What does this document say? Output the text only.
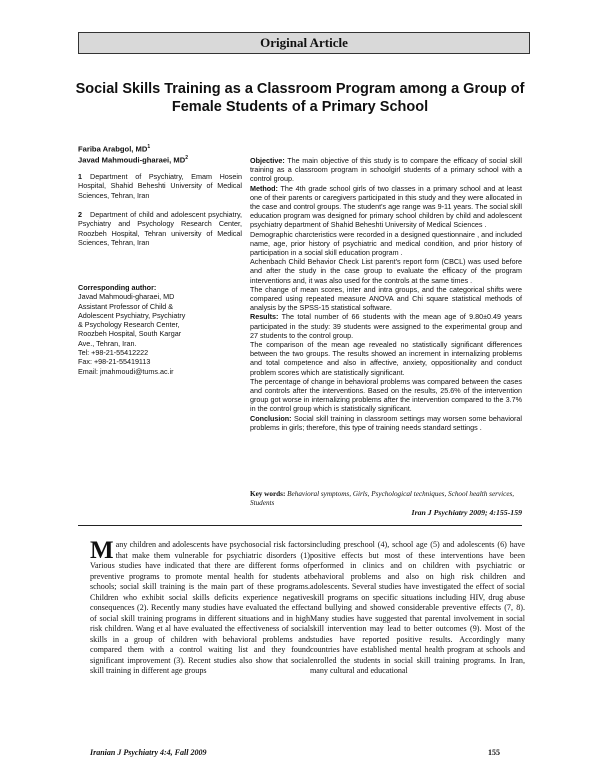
Original Article
Social Skills Training as a Classroom Program among a Group of Female Students of a Primary School
Fariba Arabgol, $MD^1$
Javad Mahmoudi-gharaei, $MD^2$
1 Department of Psychiatry, Emam Hosein Hospital, Shahid Beheshti University of Medical Sciences, Tehran, Iran
2 Department of child and adolescent psychiatry, Psychiatry and Psychology Research Center, Roozbeh Hospital, Tehran university of Medical Sciences, Tehran, Iran
Corresponding author:
Javad Mahmoudi-gharaei, MD
Assistant Professor of Child &
Adolescent Psychiatry, Psychiatry
& Psychology Research Center,
Roozbeh Hospital, South Kargar
Ave., Tehran, Iran.
Tel: +98-21-55412222
Fax: +98-21-55419113
Email: jmahmoudi@tums.ac.ir

Objective: The main objective of this study is to compare the efficacy of social skill training as a classroom program in schoolgirl students of a primary school with a control group.

Method: The 4th grade school girls of two classes in a primary school and at least one of their parents or caregivers participated in this study and they were allocated in the case and control groups. The student's age range was 9-11 years. The social skill education program was designed for primary school children by child and adolescent psychiatry department of Shahid Beheshti University of Medical Sciences .

Demographic charcteristics were recorded in a designed questionnaire , and included name, age, prior history of psychiatric and medical condition, and prior history of participation in a social skill education program .

Achenbach Child Behavior Check List parent's report form (CBCL) was used before and after the study in the case group to evaluate the efficacy of the program interventions and, it was also used for the controls at the same times .

The change of mean scores, inter and intra groups, and the categorical shifts were compared using repeated measure ANOVA and Chi square statistical methods of analysis by the SPSS-15 statistical software.

Results: The total number of 66 students with the mean age of 9.80±0.49 years participated in the study: 39 students were assigned to the experimental group and 27 students to the control group.

The comparison of the mean age revealed no statistically significant differences between the two groups. The results showed an increment in internalizing problems and total competence and also in affective, anxiety, oppositionality and conduct problem scores which are statistically significant.

The percentage of change in behavioral problems was compared between the cases and controls after the interventions. Based on the results, 25.6% of the intervention group got worse in internalizing problems after the intervention compared to the 3.7% in the control group which is statistically significant.

Conclusion: Social skill training in classroom settings may worsen some behavioral problems in girls; therefore, this type of training needs standard settings .

Key words: Behavioral symptoms, Girls, Psychological techniques, School health services, Students
Iran J Psychiatry 2009; 4:155-159

Many children and adolescents have psychosocial risk factors that make them vulnerable for psychiatric disorders (1) Various studies have indicated that there are different forms of preventive programs to promote mental health for students at schools; social skill training is the main part of these programs. Children who exhibit social skills deficits experience negative consequences (2). Recently many studies have evaluated the effect of social skill training programs in different situations and in high risk children. Wang et al have evaluated the effectiveness of social skills in a group of children with behavioral problems and compared them with a control waiting list and they found significant improvement (3). Recent studies also show that social skill training in different age groups

including preschool (4), school age (5) and adolescents (6) have positive effects but most of these interventions have been performed in clinics and on children with psychiatric or behavioral problems and also on high risk children and adolescents. Several studies have investigated the effect of social skill programs on specific situations including HIV, drug abuse and bullying and showed considerable preventive effects (7, 8). Many studies have suggested that parental involvement in social skill intervention may lead to better outcomes (9). Most of the studies have reported positive results. Accordingly many countries have established mental health program at schools and enrolled the students in social skill training programs. In Iran, many cultural and educational

Iranian J Psychiatry 4:4, Fall 2009	155
